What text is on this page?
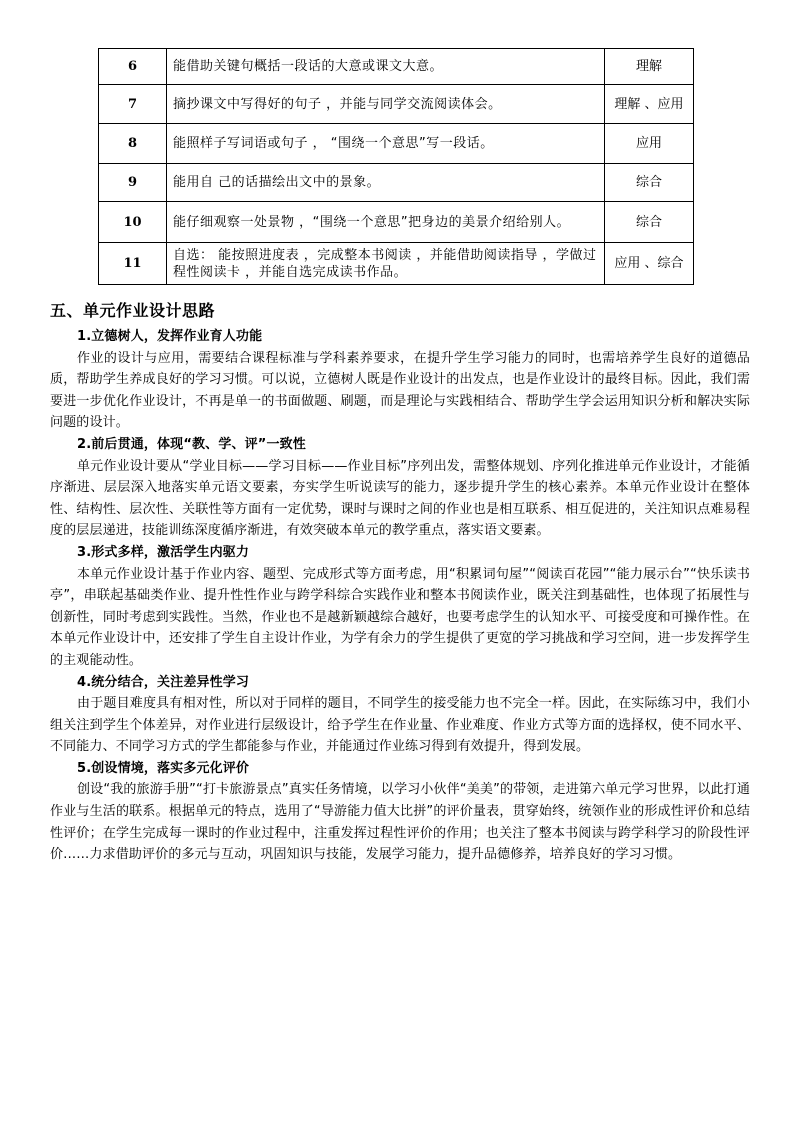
6	能借助关键句概括一段话的大意或课文大意。	理解
7	摘抄课文中写得好的句子 ，并能与同学交流阅读体会。	理解 、应用
8	能照样子写词语或句子 ， “围绕一个意思”写一段话。	应用
9	能用自 己的话描绘出文中的景象。	综合
10	能仔细观察一处景物 ，“围绕一个意思”把身边的美景介绍给别人。	综合
11	自选： 能按照进度表 ，完成整本书阅读 ，并能借助阅读指导 ，学做过程性阅读卡 ，并能自选完成读书作品。	应用 、综合
五、单元作业设计思路
1.立德树人，发挥作业育人功能

作业的设计与应用，需要结合课程标准与学科素养要求，在提升学生学习能力的同时，也需培养学生良好的道德品质，帮助学生养成良好的学习习惯。可以说，立德树人既是作业设计的出发点，也是作业设计的最终目标。因此，我们需要进一步优化作业设计，不再是单一的书面做题、刷题，而是理论与实践相结合、帮助学生学会运用知识分析和解决实际问题的设计。

2.前后贯通，体现“教、学、评”一致性

单元作业设计要从“学业目标——学习目标——作业目标”序列出发，需整体规划、序列化推进单元作业设计，才能循序渐进、层层深入地落实单元语文要素，夯实学生听说读写的能力，逐步提升学生的核心素养。本单元作业设计在整体性、结构性、层次性、关联性等方面有一定优势，课时与课时之间的作业也是相互联系、相互促进的，关注知识点难易程度的层层递进，技能训练深度循序渐进，有效突破本单元的教学重点，落实语文要素。

3.形式多样，激活学生内驱力

本单元作业设计基于作业内容、题型、完成形式等方面考虑，用“积累词句屋”“阅读百花园”“能力展示台”“快乐读书亭”，串联起基础类作业、提升性性作业与跨学科综合实践作业和整本书阅读作业，既关注到基础性，也体现了拓展性与创新性，同时考虑到实践性。当然，作业也不是越新颖越综合越好，也要考虑学生的认知水平、可接受度和可操作性。在本单元作业设计中，还安排了学生自主设计作业，为学有余力的学生提供了更宽的学习挑战和学习空间，进一步发挥学生的主观能动性。

4.统分结合，关注差异性学习

由于题目难度具有相对性，所以对于同样的题目，不同学生的接受能力也不完全一样。因此，在实际练习中，我们小组关注到学生个体差异，对作业进行层级设计，给予学生在作业量、作业难度、作业方式等方面的选择权，使不同水平、不同能力、不同学习方式的学生都能参与作业，并能通过作业练习得到有效提升，得到发展。

5.创设情境，落实多元化评价

创设“我的旅游手册”“打卡旅游景点”真实任务情境，以学习小伙伴“美美”的带领，走进第六单元学习世界，以此打通作业与生活的联系。根据单元的特点，选用了“导游能力值大比拼”的评价量表，贯穿始终，统领作业的形成性评价和总结性评价；在学生完成每一课时的作业过程中，注重发挥过程性评价的作用；也关注了整本书阅读与跨学科学习的阶段性评价……力求借助评价的多元与互动，巩固知识与技能，发展学习能力，提升品德修养，培养良好的学习习惯。
